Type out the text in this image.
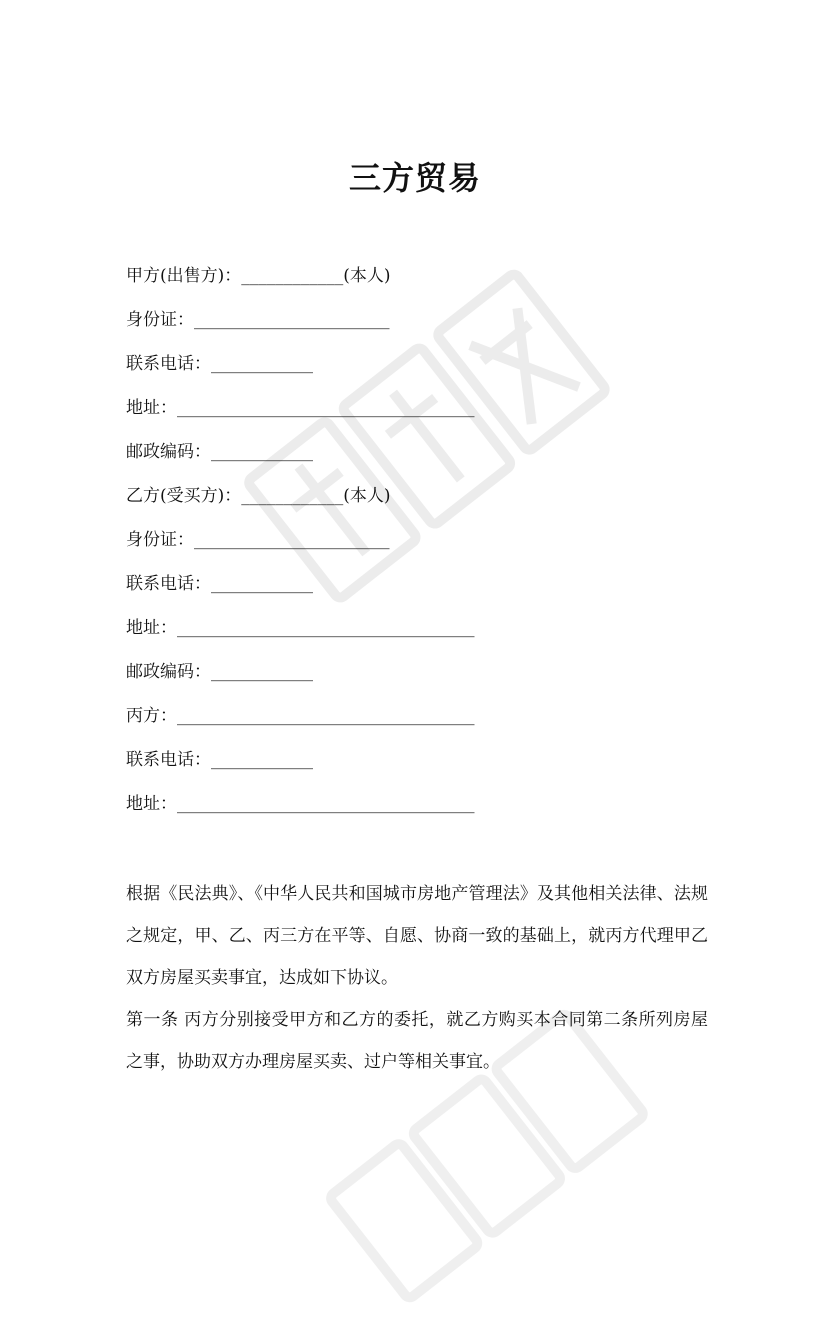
三方贸易
甲方(出售方)：____________(本人)
身份证：_______________________
联系电话：____________
地址：___________________________________
邮政编码：____________
乙方(受买方)：____________(本人)
身份证：_______________________
联系电话：____________
地址：___________________________________
邮政编码：____________
丙方：___________________________________
联系电话：____________
地址：___________________________________

根据《民法典》、《中华人民共和国城市房地产管理法》及其他相关法律、法规之规定，甲、乙、丙三方在平等、自愿、协商一致的基础上，就丙方代理甲乙双方房屋买卖事宜，达成如下协议。

第一条 丙方分别接受甲方和乙方的委托，就乙方购买本合同第二条所列房屋之事，协助双方办理房屋买卖、过户等相关事宜。
